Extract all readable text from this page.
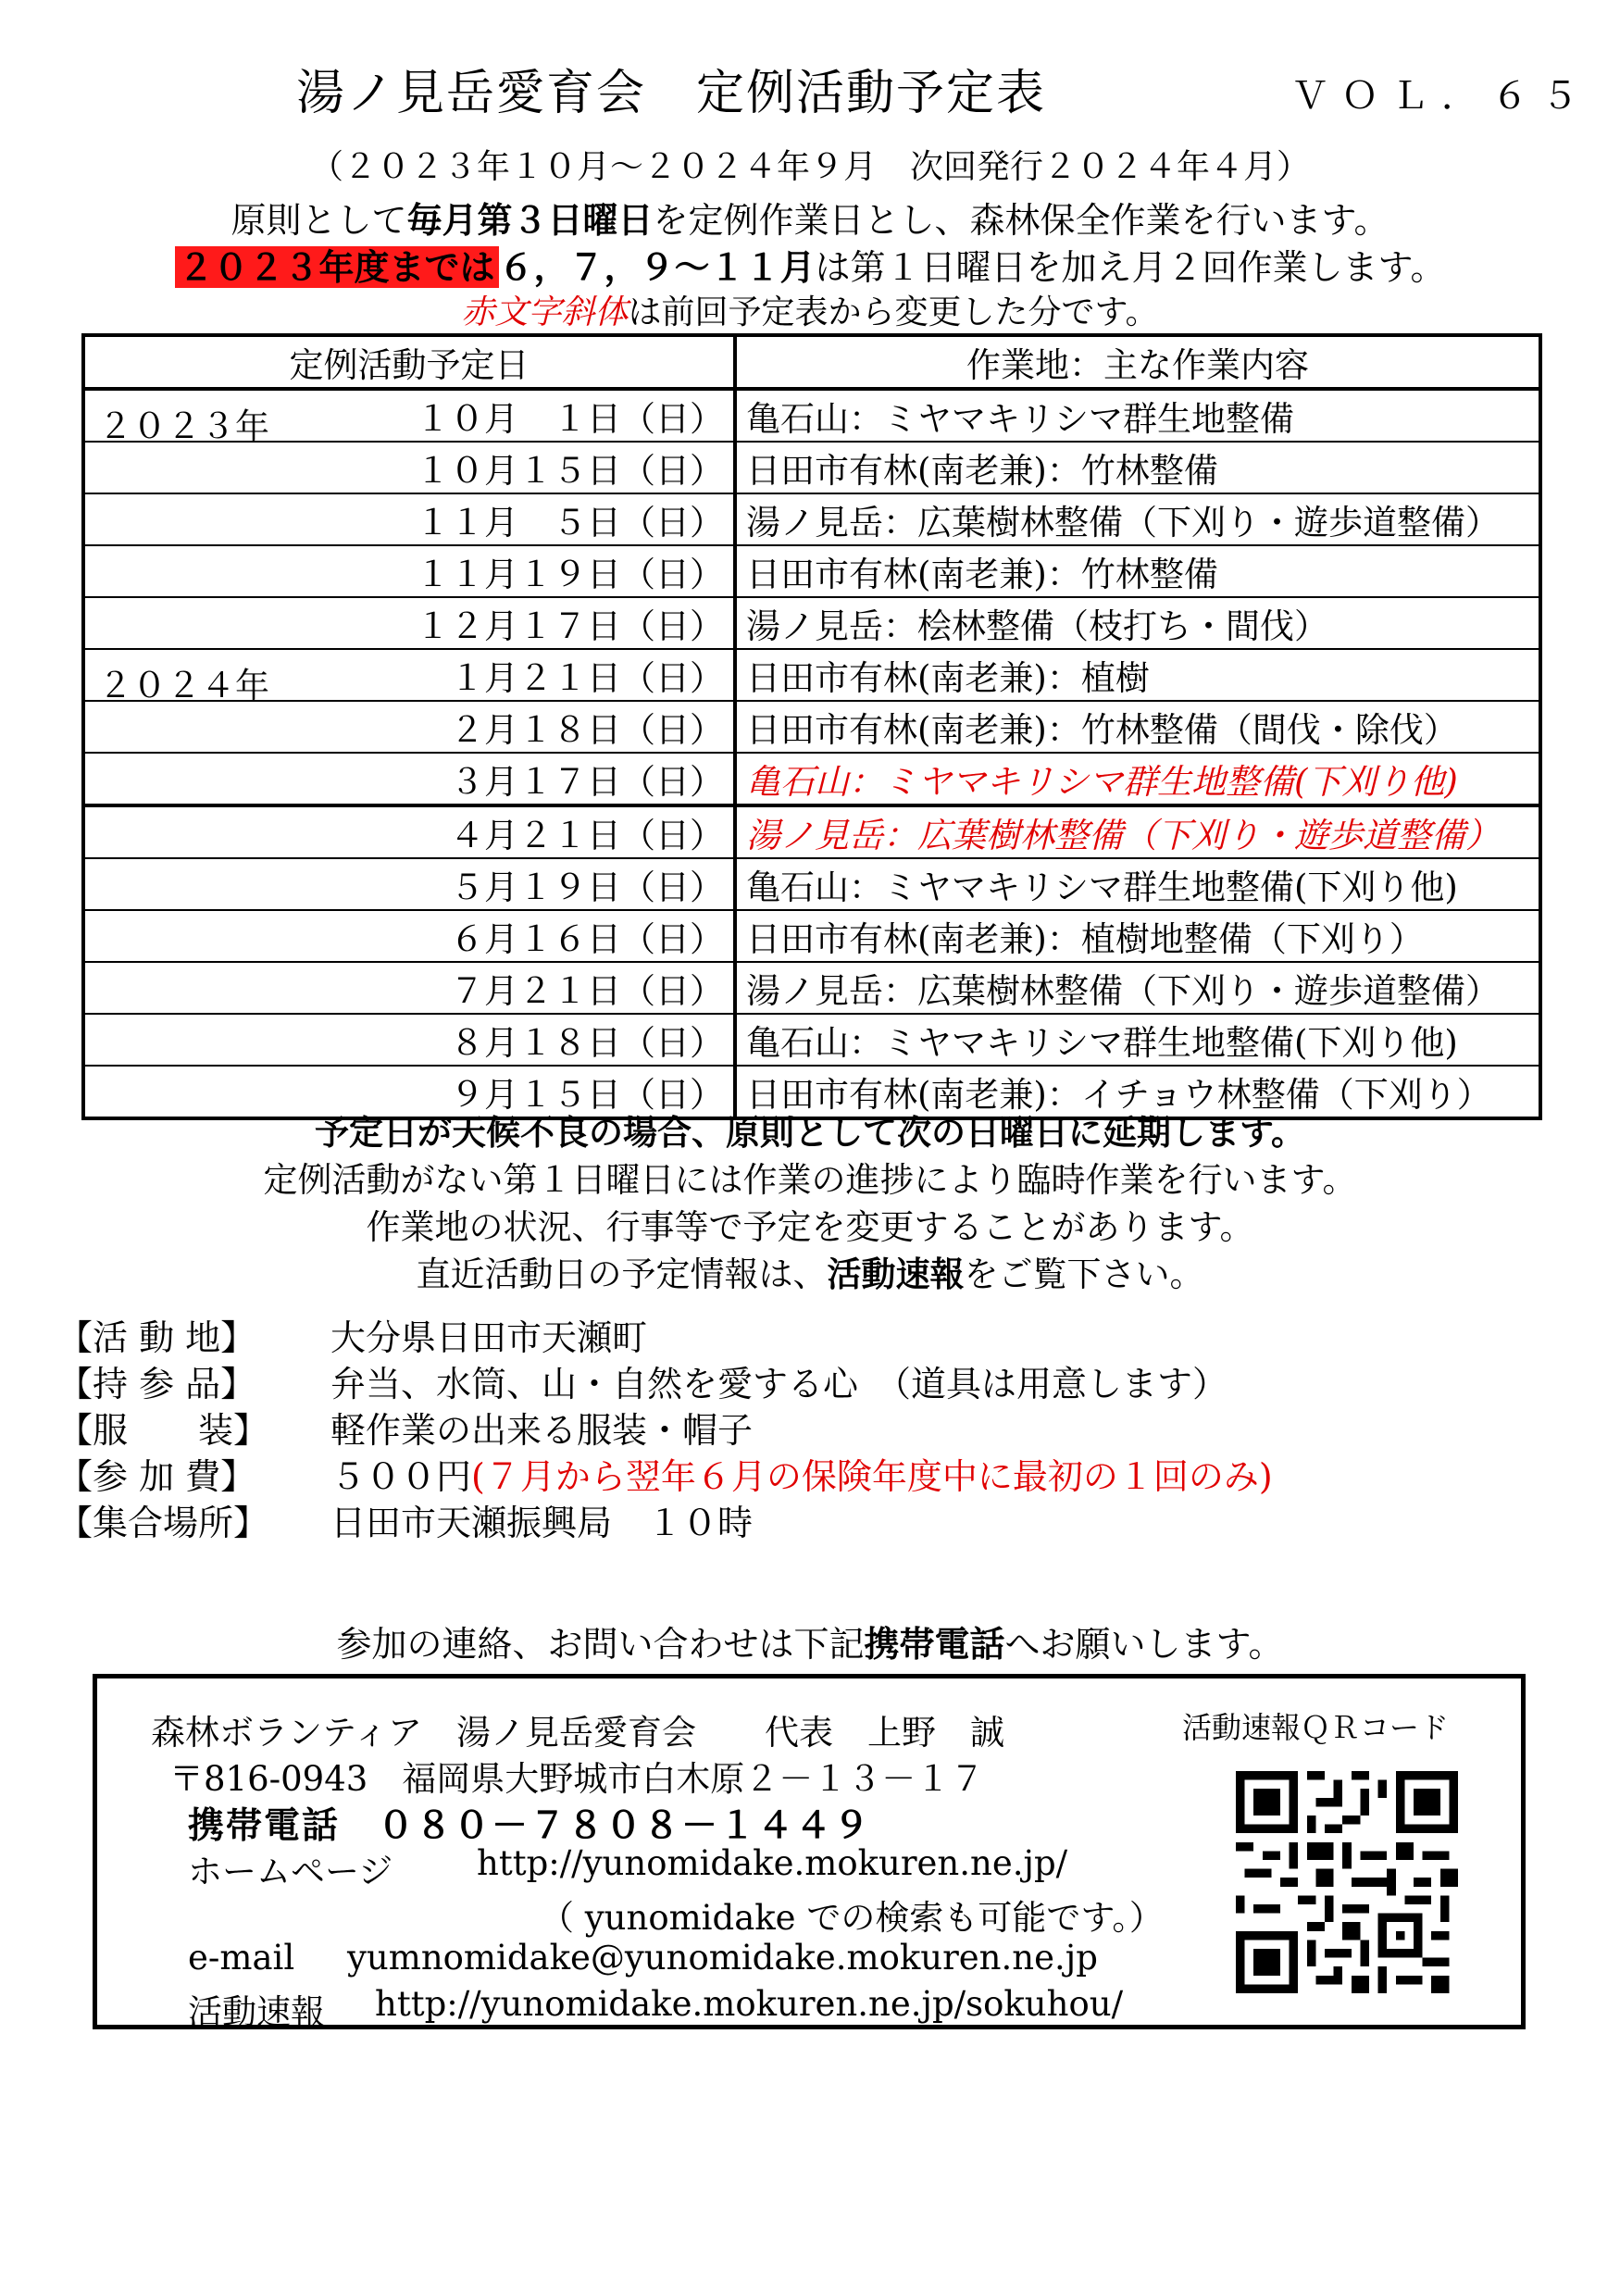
湯ノ見岳愛育会　定例活動予定表	ＶＯＬ．６５
（２０２３年１０月～２０２４年９月　次回発行２０２４年４月）
原則として毎月第３日曜日を定例作業日とし、森林保全作業を行います。
２０２３年度までは ６，７，９～１１月は第１日曜日を加え月２回作業します。
赤文字斜体は前回予定表から変更した分です。
定例活動予定日	作業地：主な作業内容

２０２３年 １０月　１日（日）	亀石山：ミヤマキリシマ群生地整備
１０月１５日（日）	日田市有林(南老兼)：竹林整備
１１月　５日（日）	湯ノ見岳：広葉樹林整備（下刈り・遊歩道整備）
１１月１９日（日）	日田市有林(南老兼)：竹林整備
１２月１７日（日）	湯ノ見岳：桧林整備（枝打ち・間伐）

２０２４年 １月２１日（日）	日田市有林(南老兼)：植樹
２月１８日（日）	日田市有林(南老兼)：竹林整備（間伐・除伐）
３月１７日（日）	亀石山：ミヤマキリシマ群生地整備(下刈り他)
４月２１日（日）	湯ノ見岳：広葉樹林整備（下刈り・遊歩道整備）
５月１９日（日）	亀石山：ミヤマキリシマ群生地整備(下刈り他)
６月１６日（日）	日田市有林(南老兼)：植樹地整備（下刈り）
７月２１日（日）	湯ノ見岳：広葉樹林整備（下刈り・遊歩道整備）
８月１８日（日）	亀石山：ミヤマキリシマ群生地整備(下刈り他)
９月１５日（日）	日田市有林(南老兼)：イチョウ林整備（下刈り）
予定日が天候不良の場合、原則として次の日曜日に延期します。
定例活動がない第１日曜日には作業の進捗により臨時作業を行います。
作業地の状況、行事等で予定を変更することがあります。
直近活動日の予定情報は、活動速報をご覧下さい。
【活 動 地】	大分県日田市天瀬町
【持 参 品】	弁当、水筒、山・自然を愛する心　（道具は用意します）
【服　　装】	軽作業の出来る服装・帽子
【参 加 費】	５００円(７月から翌年６月の保険年度中に最初の１回のみ)
【集合場所】	日田市天瀬振興局　１０時
参加の連絡、お問い合わせは下記携帯電話へお願いします。
森林ボランティア　湯ノ見岳愛育会　　代表　上野　誠	活動速報ＱＲコード
〒816-0943　福岡県大野城市白木原２－１３－１７
携帯電話　０８０－７８０８－１４４９
ホームページ http://yunomidake.mokuren.ne.jp/
（ yunomidake での検索も可能です。）
e-mail yumnomidake@yunomidake.mokuren.ne.jp
活動速報 http://yunomidake.mokuren.ne.jp/sokuhou/
